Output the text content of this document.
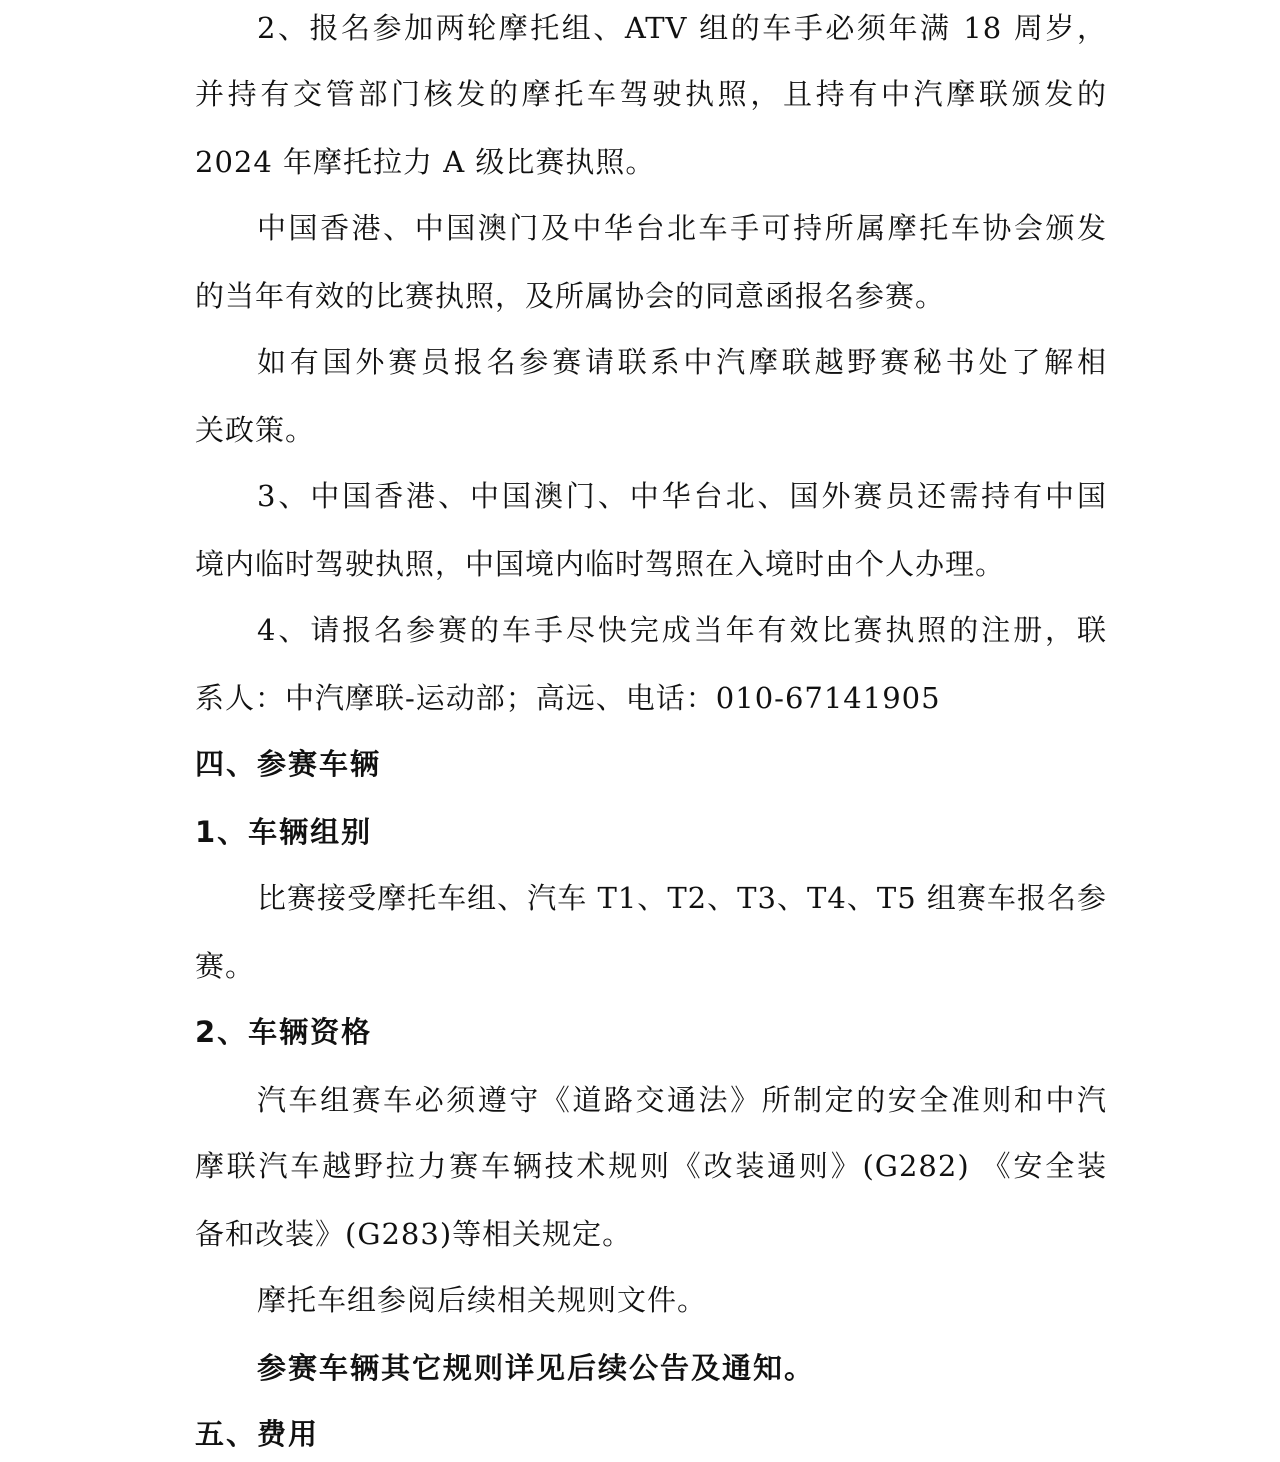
2、报名参加两轮摩托组、ATV 组的车手必须年满 18 周岁，
并持有交管部门核发的摩托车驾驶执照，且持有中汽摩联颁发的
2024 年摩托拉力 A 级比赛执照。
中国香港、中国澳门及中华台北车手可持所属摩托车协会颁发
的当年有效的比赛执照，及所属协会的同意函报名参赛。
如有国外赛员报名参赛请联系中汽摩联越野赛秘书处了解相
关政策。
3、中国香港、中国澳门、中华台北、国外赛员还需持有中国
境内临时驾驶执照，中国境内临时驾照在入境时由个人办理。
4、请报名参赛的车手尽快完成当年有效比赛执照的注册，联
系人：中汽摩联-运动部；高远、电话：010-67141905
四、参赛车辆
1、车辆组别
比赛接受摩托车组、汽车 T1、T2、T3、T4、T5 组赛车报名参
赛。
2、车辆资格
汽车组赛车必须遵守《道路交通法》所制定的安全准则和中汽
摩联汽车越野拉力赛车辆技术规则《改装通则》(G282) 《安全装
备和改装》(G283)等相关规定。
摩托车组参阅后续相关规则文件。
参赛车辆其它规则详见后续公告及通知。
五、费用
